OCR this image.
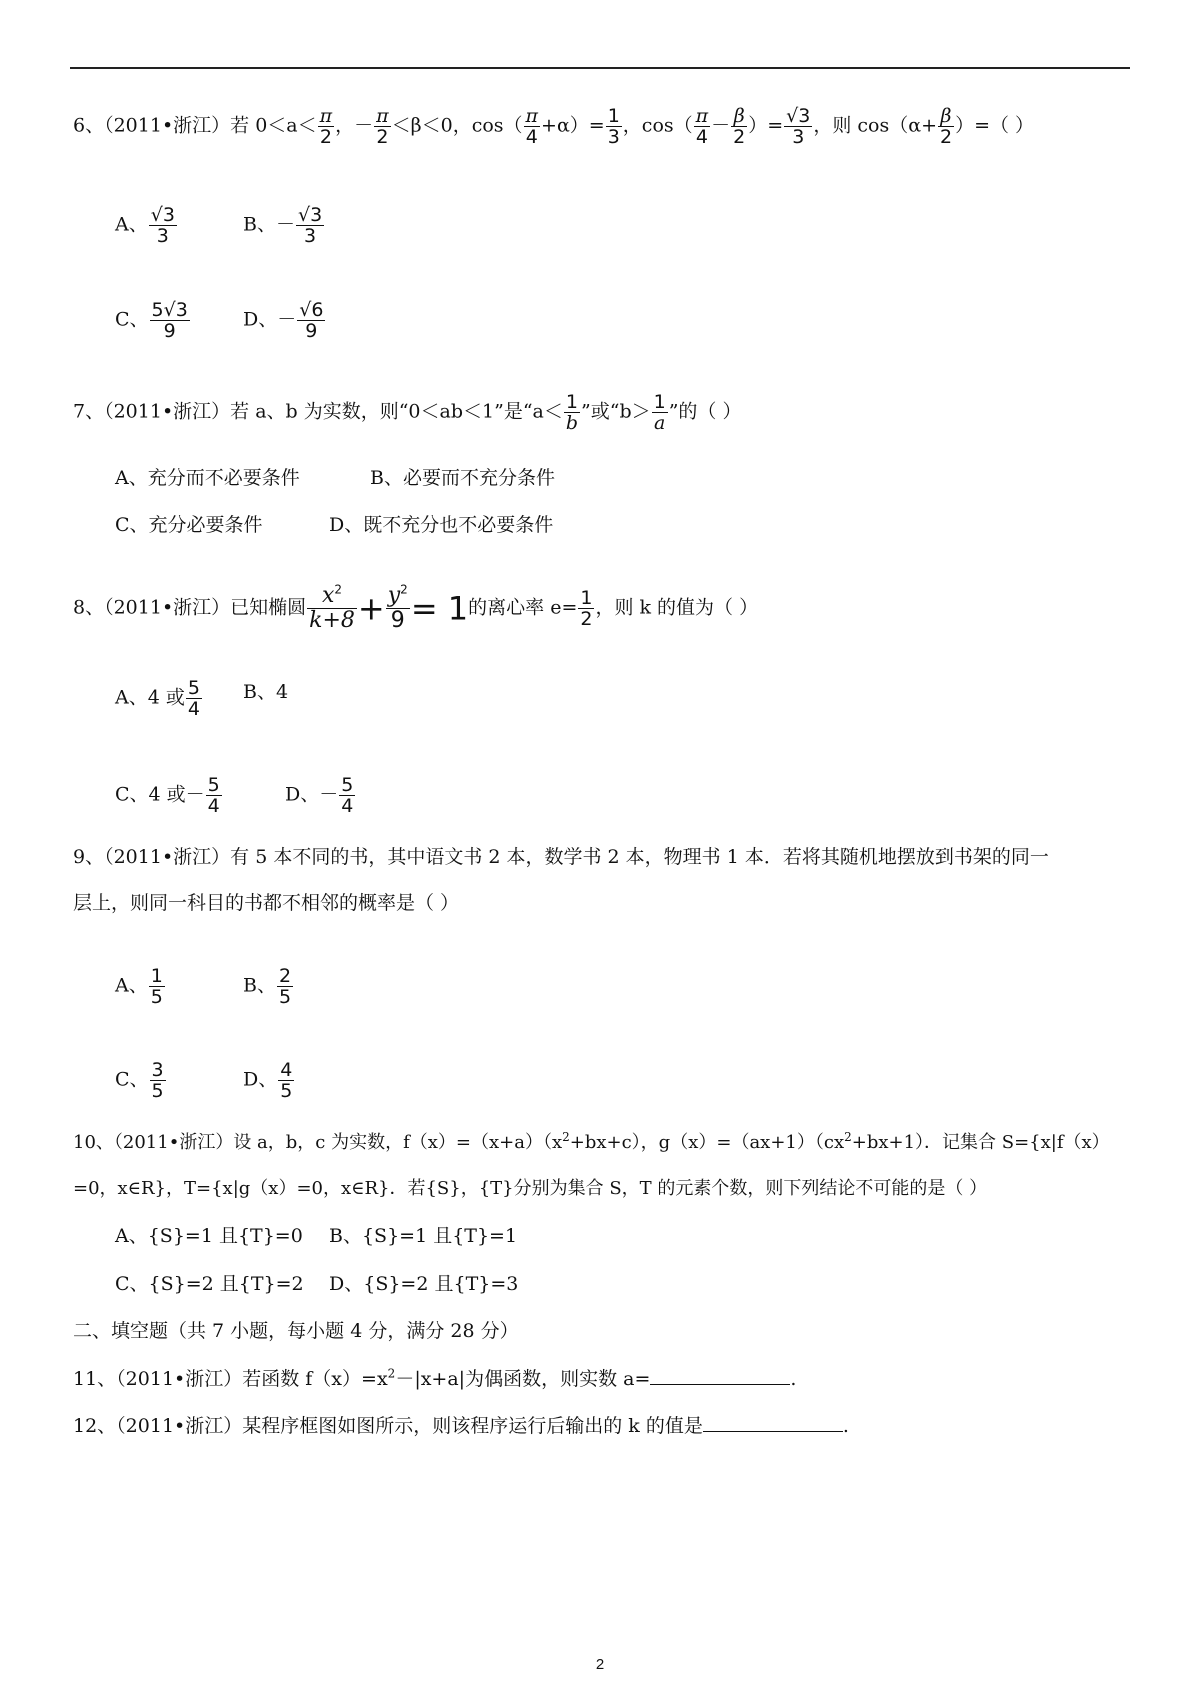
6、（2011•浙江）若 $0<a< \frac{\pi}{2}$ ，－ $\frac{\pi}{2} <\beta<0$，$\cos( \frac{\pi}{4} +\alpha)= \frac{1}{3}$ ，$\cos( \frac{\pi}{4} - \frac{\beta}{2}$ ）= $\frac{√3}{3}$ ，则 $\cos(\alpha+ \frac{\beta}{2}$ ）=（ ）
A、 $\frac{√3}{3}$	B、－ $\frac{√3}{3}$
C、 $\frac{5√3}{9}$	D、－ $\frac{√6}{9}$
7、（2011•浙江）若 a、b 为实数，则“0＜ab＜1”是“$a< \frac{1}{b}$ ”或“$b> \frac{1}{a}$ ”的（ ）
A、充分而不必要条件	B、必要而不充分条件
C、充分必要条件	D、既不充分也不必要条件
8、（2011•浙江）已知椭圆 $\frac{x^2}{k+8} + \frac{y^2}{9} = 1$的离心率 $e= \frac{1}{2}$ ，则 k 的值为（ ）
A、4 或 $\frac{5}{4}$ B、4
C、4 或－ $\frac{5}{4}$	D、－ $\frac{5}{4}$
9、（2011•浙江）有 5 本不同的书，其中语文书 2 本，数学书 2 本，物理书 1 本．若将其随机地摆放到书架的同一
层上，则同一科目的书都不相邻的概率是（ ）
A、 $\frac{1}{5}$	B、 $\frac{2}{5}$
C、 $\frac{3}{5}$	D、 $\frac{4}{5}$
10、（2011•浙江）设 a，b，c 为实数，$f(x)=(x+a)(x^2+bx+c)$，$g(x)=(ax+1)(cx^2+bx+1)$．记集合 S={x|f（x）
=0，x∈R}，T={x|g（x）=0，x∈R}．若{S}，{T}分别为集合 S，T 的元素个数，则下列结论不可能的是（ ）
A、{S}=1 且{T}=0 B、{S}=1 且{T}=1
C、{S}=2 且{T}=2 D、{S}=2 且{T}=3
二、填空题（共 7 小题，每小题 4 分，满分 28 分）
11、（2011•浙江）若函数 $f(x)=x^2-|x+a|$为偶函数，则实数 a=	.
12、（2011•浙江）某程序框图如图所示，则该程序运行后输出的 k 的值是	.
2
